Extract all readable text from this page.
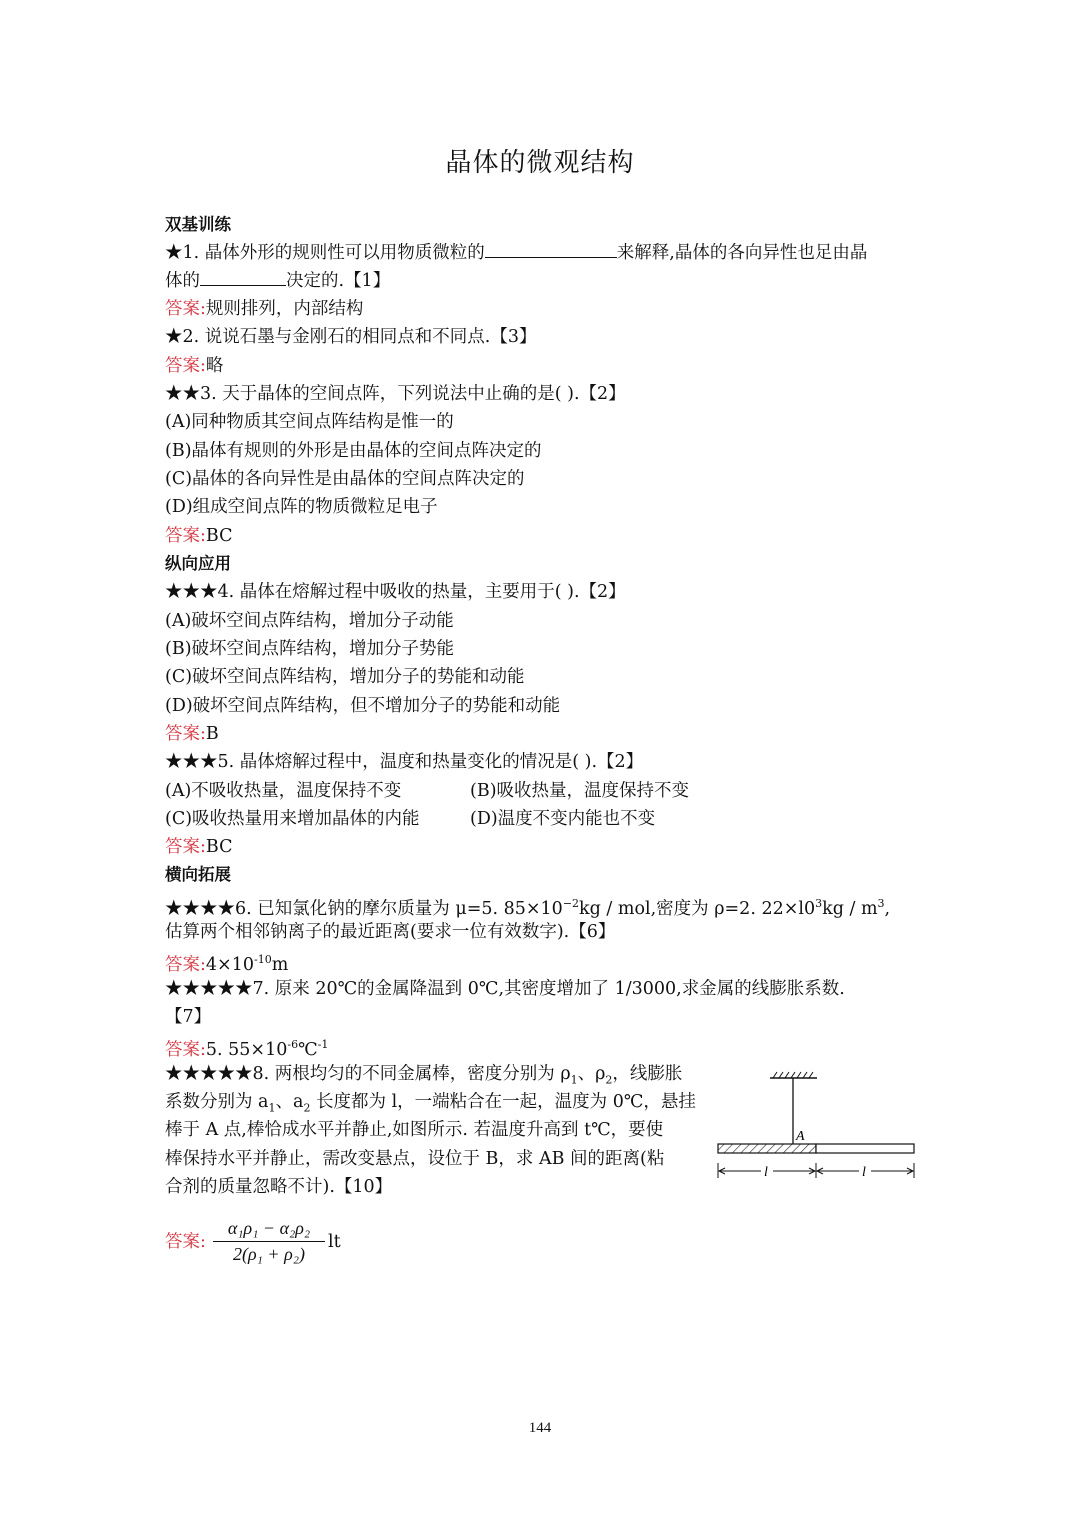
晶体的微观结构
双基训练
★1. 晶体外形的规则性可以用物质微粒的	来解释,晶体的各向异性也足由晶
体的	决定的.【1】
答案:规则排列，内部结构
★2. 说说石墨与金刚石的相同点和不同点.【3】
答案:略
★★3. 天于晶体的空间点阵，下列说法中止确的是( ).【2】
(A)同种物质其空间点阵结构是惟一的
(B)晶体有规则的外形是由晶体的空间点阵决定的
(C)晶体的各向异性是由晶体的空间点阵决定的
(D)组成空间点阵的物质微粒足电子
答案:BC
纵向应用
★★★4. 晶体在熔解过程中吸收的热量，主要用于( ).【2】
(A)破坏空间点阵结构，增加分子动能
(B)破坏空间点阵结构，增加分子势能
(C)破坏空间点阵结构，增加分子的势能和动能
(D)破坏空间点阵结构，但不增加分子的势能和动能
答案:B
★★★5. 晶体熔解过程中，温度和热量变化的情况是( ).【2】
(A)不吸收热量，温度保持不变	(B)吸收热量，温度保持不变
(C)吸收热量用来增加晶体的内能	(D)温度不变内能也不变
答案:BC
横向拓展
★★★★6. 已知氯化钠的摩尔质量为 μ=5. $85\times 10^{-2}kg$ / mol,密度为 ρ=2. $22\times l0^3kg / m^3$,
估算两个相邻钠离子的最近距离(要求一位有效数字).【6】
答案$:4\times 10^{-10}m$
★★★★★7. 原来 20℃的金属降温到 0℃,其密度增加了 1/3000,求金属的线膨胀系数.
【7】
答案:5. $55\times 10^{-6}℃^{-1}$
★★★★★8. 两根均匀的不同金属棒，密度分别为 $\rho_1$、$\rho_2$，线膨胀
系数分别为 $a_1$、$a_2$ 长度都为 l，一端粘合在一起，温度为 0℃，悬挂
棒于 A 点,棒恰成水平并静止,如图所示. 若温度升高到 t℃，要使
棒保持水平并静止，需改变悬点，设位于 B，求 AB 间的距离(粘
合剂的质量忽略不计).【10】
A
l	l
答案: $\frac{\text{α₁ρ₁ − α₂ρ₂}}{\text{2(ρ₁ + ρ₂)}}$ lt
144
